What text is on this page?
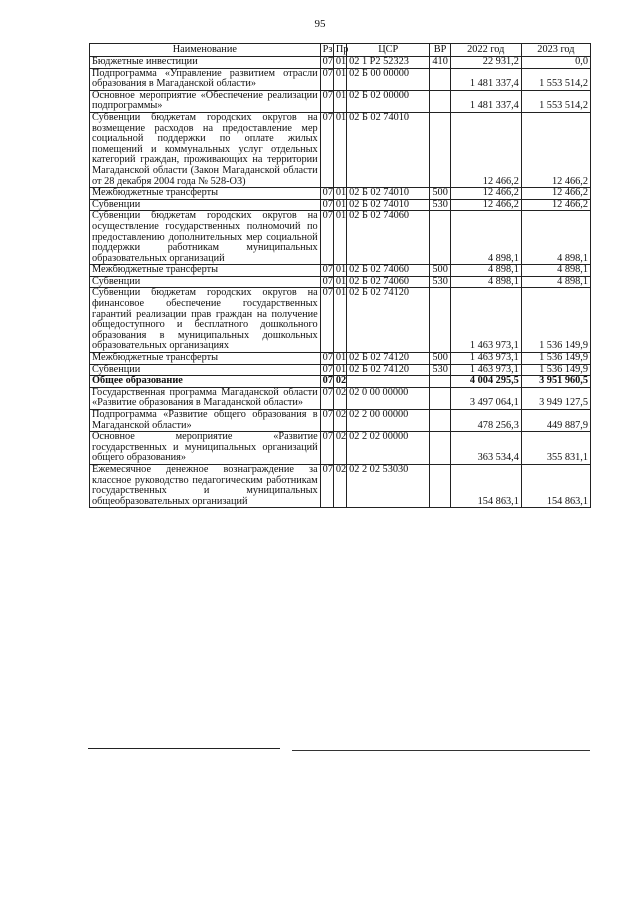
95
Наименование	Рз	Пр	ЦСР	ВР	2022 год	2023 год
Бюджетные инвестиции	07	01	02 1 P2 52323	410	22 931,2	0,0
Подпрограмма «Управление развитием отрасли образования в Магаданской области»	07	01	02 Б 00 00000		1 481 337,4	1 553 514,2
Основное мероприятие «Обеспечение реализации подпрограммы»	07	01	02 Б 02 00000		1 481 337,4	1 553 514,2
Субвенции бюджетам городских округов на возмещение расходов на предоставление мер социальной поддержки по оплате жилых помещений и коммунальных услуг отдельных категорий граждан, проживающих на территории Магаданской области (Закон Магаданской области от 28 декабря 2004 года № 528-ОЗ)	07	01	02 Б 02 74010		12 466,2	12 466,2
Межбюджетные трансферты	07	01	02 Б 02 74010	500	12 466,2	12 466,2
Субвенции	07	01	02 Б 02 74010	530	12 466,2	12 466,2
Субвенции бюджетам городских округов на осуществление государственных полномочий по предоставлению дополнительных мер социальной поддержки работникам муниципальных образовательных организаций	07	01	02 Б 02 74060		4 898,1	4 898,1
Межбюджетные трансферты	07	01	02 Б 02 74060	500	4 898,1	4 898,1
Субвенции	07	01	02 Б 02 74060	530	4 898,1	4 898,1
Субвенции бюджетам городских округов на финансовое обеспечение государственных гарантий реализации прав граждан на получение общедоступного и бесплатного дошкольного образования в муниципальных дошкольных образовательных организациях	07	01	02 Б 02 74120		1 463 973,1	1 536 149,9
Межбюджетные трансферты	07	01	02 Б 02 74120	500	1 463 973,1	1 536 149,9
Субвенции	07	01	02 Б 02 74120	530	1 463 973,1	1 536 149,9
Общее образование	07	02			4 004 295,5	3 951 960,5
Государственная программа Магаданской области «Развитие образования в Магаданской области»	07	02	02 0 00 00000		3 497 064,1	3 949 127,5
Подпрограмма «Развитие общего образования в Магаданской области»	07	02	02 2 00 00000		478 256,3	449 887,9
Основное мероприятие «Развитие государственных и муниципальных организаций общего образования»	07	02	02 2 02 00000		363 534,4	355 831,1
Ежемесячное денежное вознаграждение за классное руководство педагогическим работникам государственных и муниципальных общеобразовательных организаций	07	02	02 2 02 53030		154 863,1	154 863,1
